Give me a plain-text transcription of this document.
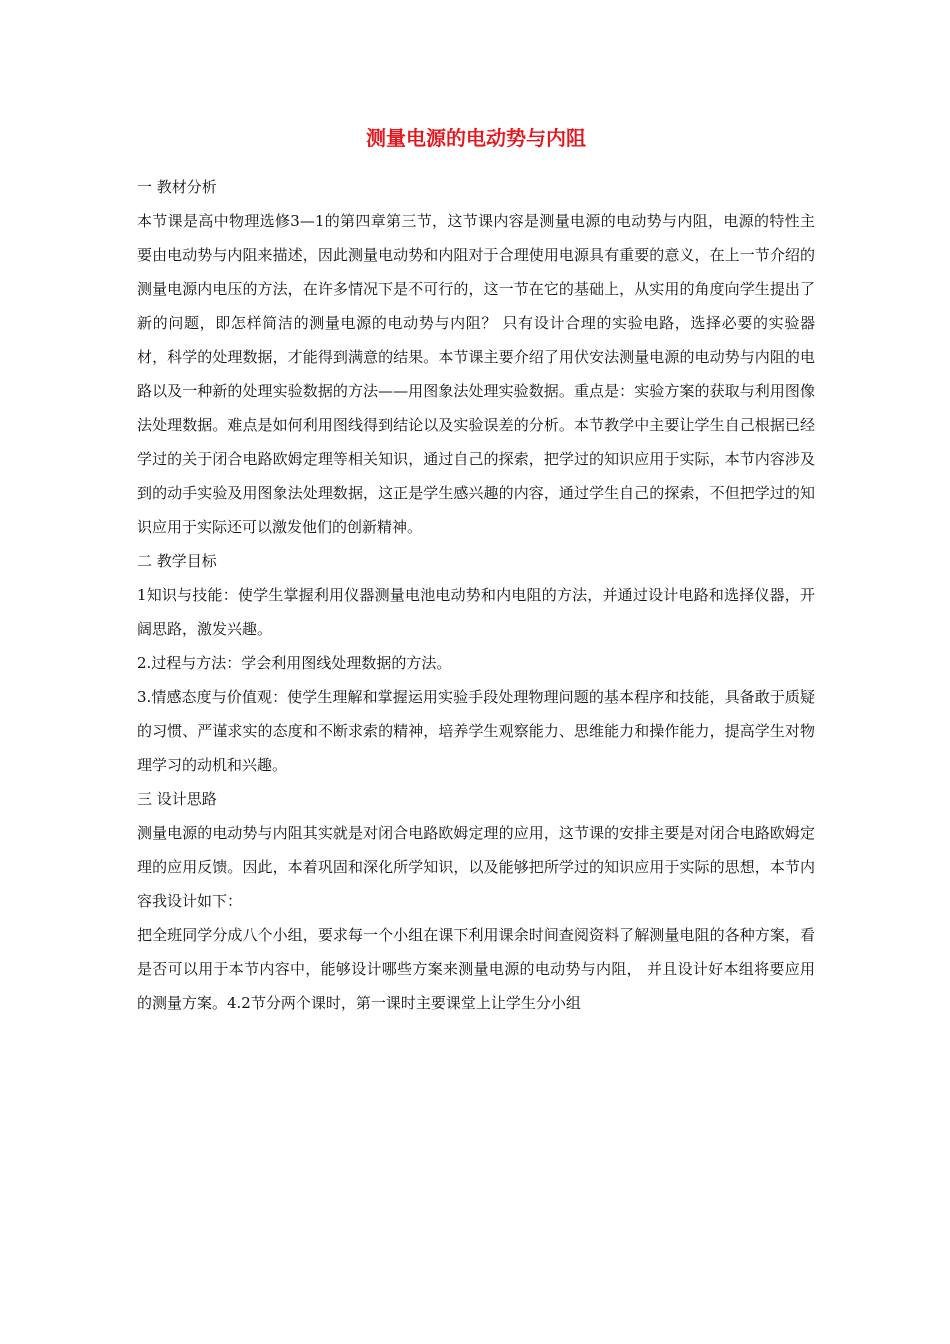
测量电源的电动势与内阻

一 教材分析

本节课是高中物理选修3—1的第四章第三节，这节课内容是测量电源的电动势与内阻，电源的特性主要由电动势与内阻来描述，因此测量电动势和内阻对于合理使用电源具有重要的意义，在上一节介绍的测量电源内电压的方法，在许多情况下是不可行的，这一节在它的基础上，从实用的角度向学生提出了新的问题，即怎样简洁的测量电源的电动势与内阻？ 只有设计合理的实验电路，选择必要的实验器材，科学的处理数据，才能得到满意的结果。本节课主要介绍了用伏安法测量电源的电动势与内阻的电路以及一种新的处理实验数据的方法——用图象法处理实验数据。重点是：实验方案的获取与利用图像法处理数据。难点是如何利用图线得到结论以及实验误差的分析。本节教学中主要让学生自己根据已经学过的关于闭合电路欧姆定理等相关知识，通过自己的探索，把学过的知识应用于实际，本节内容涉及到的动手实验及用图象法处理数据，这正是学生感兴趣的内容，通过学生自己的探索，不但把学过的知识应用于实际还可以激发他们的创新精神。

二 教学目标

1知识与技能：使学生掌握利用仪器测量电池电动势和内电阻的方法，并通过设计电路和选择仪器，开阔思路，激发兴趣。

2.过程与方法：学会利用图线处理数据的方法。

3.情感态度与价值观：使学生理解和掌握运用实验手段处理物理问题的基本程序和技能，具备敢于质疑的习惯、严谨求实的态度和不断求索的精神，培养学生观察能力、思维能力和操作能力，提高学生对物理学习的动机和兴趣。

三 设计思路

测量电源的电动势与内阻其实就是对闭合电路欧姆定理的应用，这节课的安排主要是对闭合电路欧姆定理的应用反馈。因此，本着巩固和深化所学知识，以及能够把所学过的知识应用于实际的思想，本节内容我设计如下：

把全班同学分成八个小组，要求每一个小组在课下利用课余时间查阅资料了解测量电阻的各种方案，看是否可以用于本节内容中，能够设计哪些方案来测量电源的电动势与内阻， 并且设计好本组将要应用的测量方案。4.2节分两个课时，第一课时主要课堂上让学生分小组
